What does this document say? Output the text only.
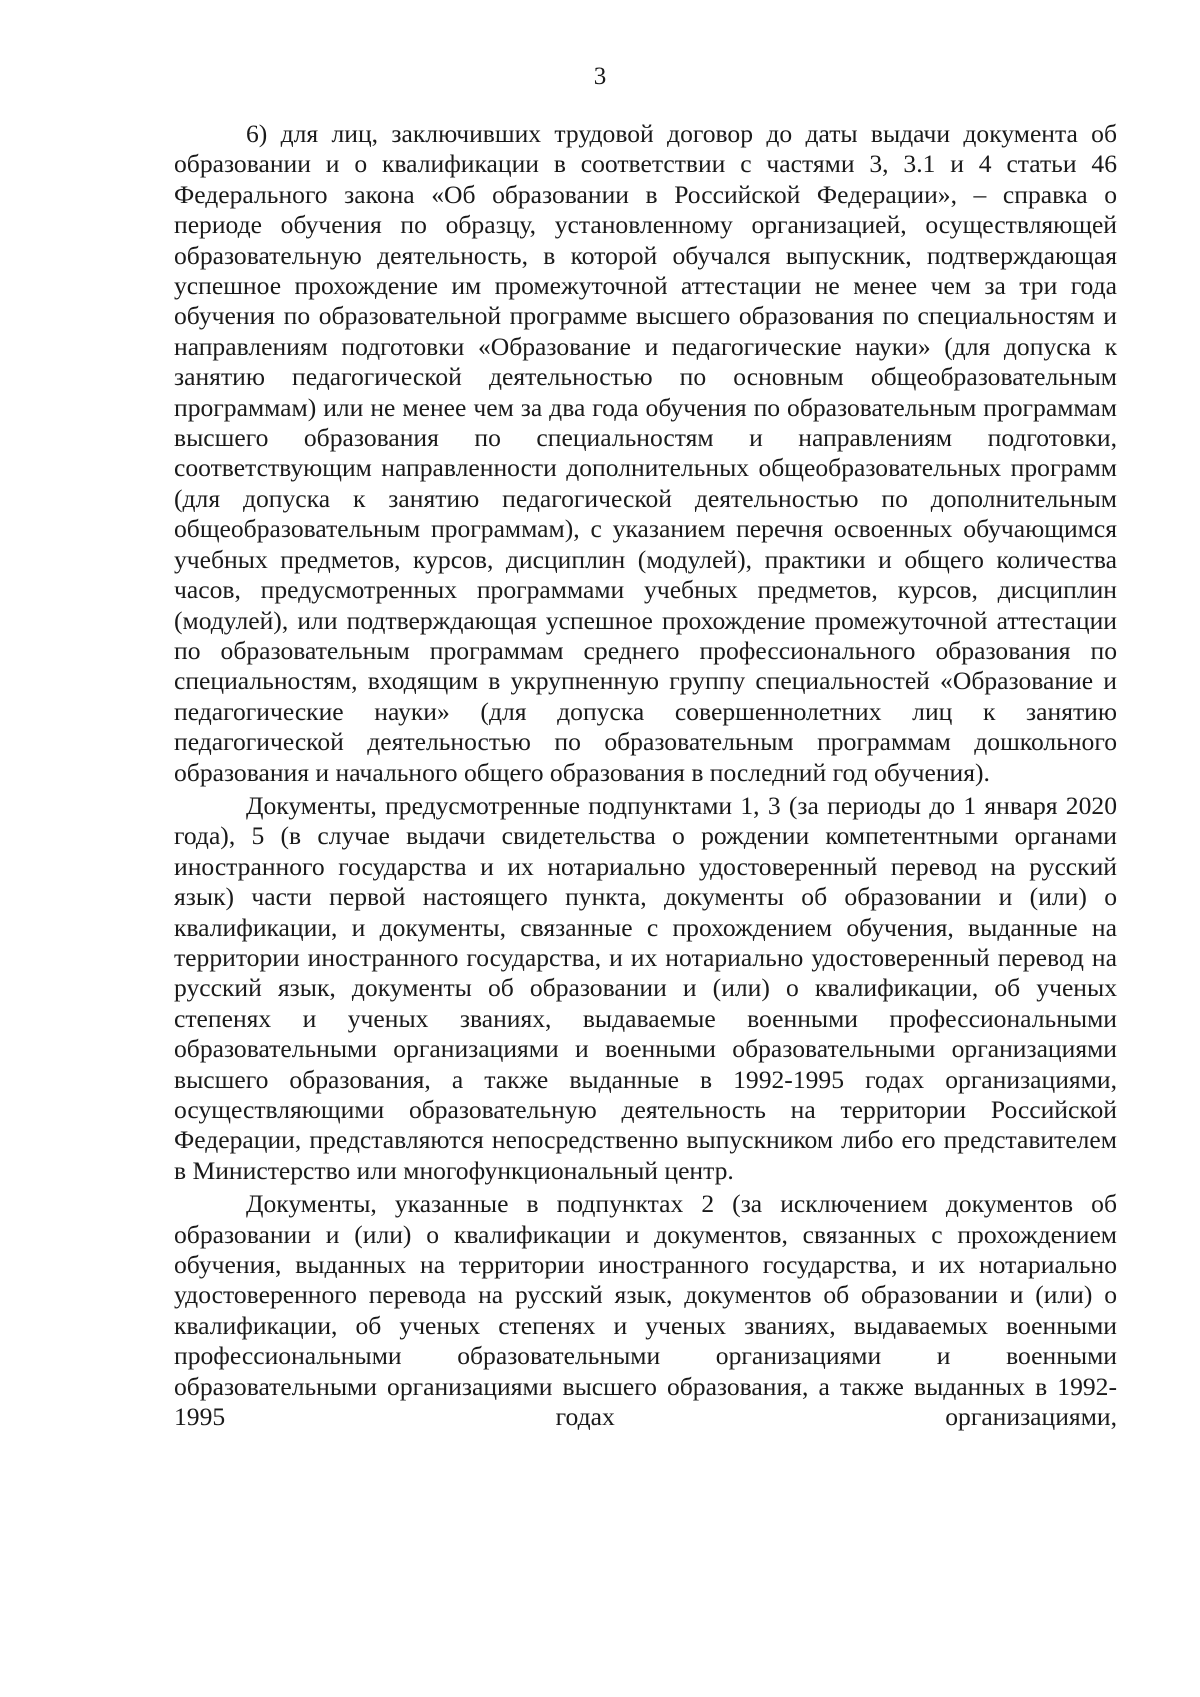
3

6) для лиц, заключивших трудовой договор до даты выдачи документа об образовании и о квалификации в соответствии с частями 3, 3.1 и 4 статьи 46 Федерального закона «Об образовании в Российской Федерации», – справка о периоде обучения по образцу, установленному организацией, осуществляющей образовательную деятельность, в которой обучался выпускник, подтверждающая успешное прохождение им промежуточной аттестации не менее чем за три года обучения по образовательной программе высшего образования по специальностям и направлениям подготовки «Образование и педагогические науки» (для допуска к занятию педагогической деятельностью по основным общеобразовательным программам) или не менее чем за два года обучения по образовательным программам высшего образования по специальностям и направлениям подготовки, соответствующим направленности дополнительных общеобразовательных программ (для допуска к занятию педагогической деятельностью по дополнительным общеобразовательным программам), с указанием перечня освоенных обучающимся учебных предметов, курсов, дисциплин (модулей), практики и общего количества часов, предусмотренных программами учебных предметов, курсов, дисциплин (модулей), или подтверждающая успешное прохождение промежуточной аттестации по образовательным программам среднего профессионального образования по специальностям, входящим в укрупненную группу специальностей «Образование и педагогические науки» (для допуска совершеннолетних лиц к занятию педагогической деятельностью по образовательным программам дошкольного образования и начального общего образования в последний год обучения).

Документы, предусмотренные подпунктами 1, 3 (за периоды до 1 января 2020 года), 5 (в случае выдачи свидетельства о рождении компетентными органами иностранного государства и их нотариально удостоверенный перевод на русский язык) части первой настоящего пункта, документы об образовании и (или) о квалификации, и документы, связанные с прохождением обучения, выданные на территории иностранного государства, и их нотариально удостоверенный перевод на русский язык, документы об образовании и (или) о квалификации, об ученых степенях и ученых званиях, выдаваемые военными профессиональными образовательными организациями и военными образовательными организациями высшего образования, а также выданные в 1992-1995 годах организациями, осуществляющими образовательную деятельность на территории Российской Федерации, представляются непосредственно выпускником либо его представителем в Министерство или многофункциональный центр.

Документы, указанные в подпунктах 2 (за исключением документов об образовании и (или) о квалификации и документов, связанных с прохождением обучения, выданных на территории иностранного государства, и их нотариально удостоверенного перевода на русский язык, документов об образовании и (или) о квалификации, об ученых степенях и ученых званиях, выдаваемых военными профессиональными образовательными организациями и военными образовательными организациями высшего образования, а также выданных в 1992-1995 годах организациями,
